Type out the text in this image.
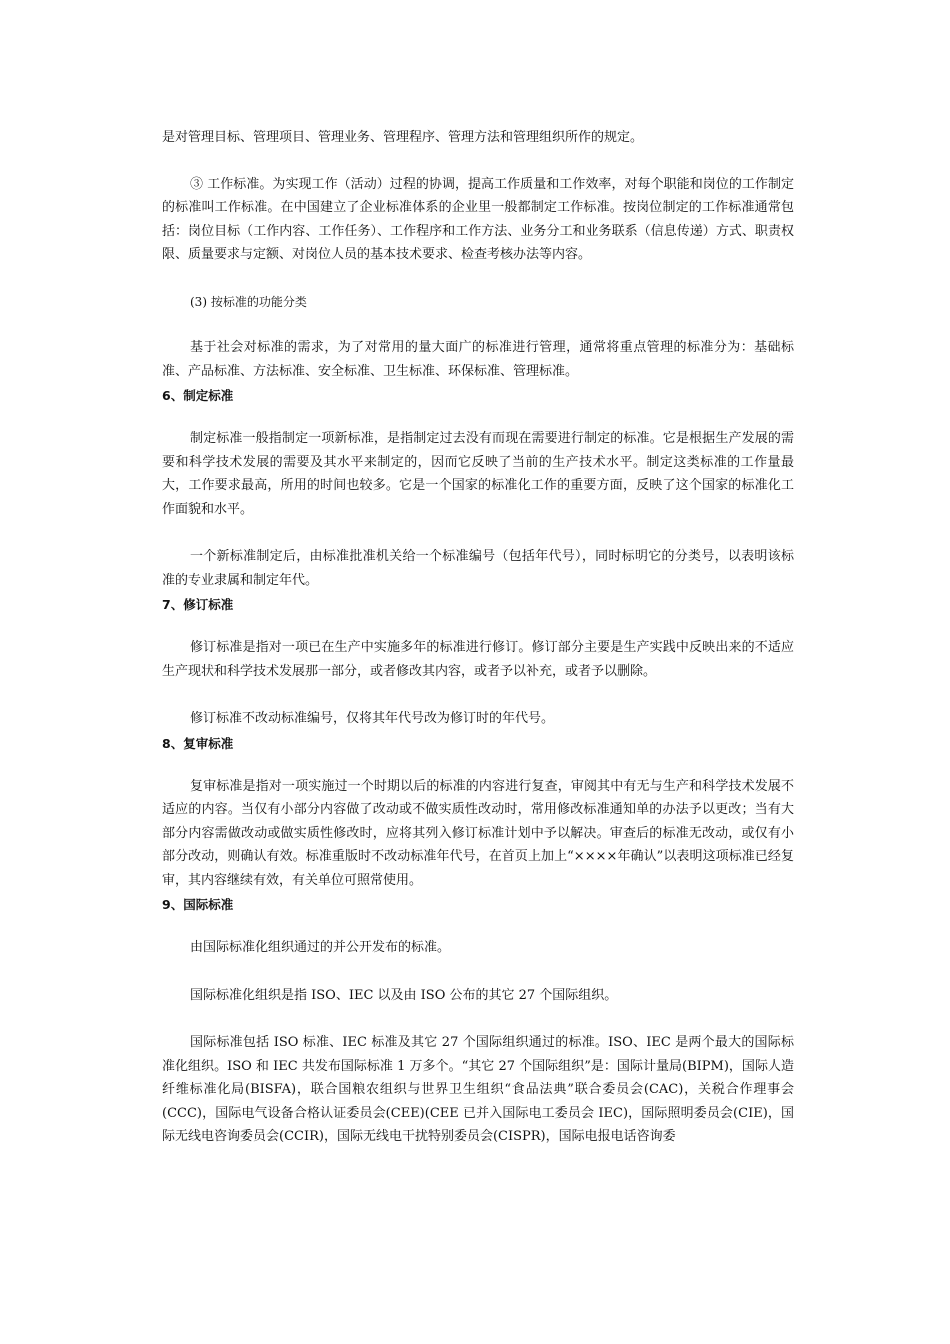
是对管理目标、管理项目、管理业务、管理程序、管理方法和管理组织所作的规定。

③ 工作标准。为实现工作（活动）过程的协调，提高工作质量和工作效率，对每个职能和岗位的工作制定的标准叫工作标准。在中国建立了企业标准体系的企业里一般都制定工作标准。按岗位制定的工作标准通常包括：岗位目标（工作内容、工作任务）、工作程序和工作方法、业务分工和业务联系（信息传递）方式、职责权限、质量要求与定额、对岗位人员的基本技术要求、检查考核办法等内容。

(3) 按标准的功能分类

基于社会对标准的需求，为了对常用的量大面广的标准进行管理，通常将重点管理的标准分为：基础标准、产品标准、方法标准、安全标准、卫生标准、环保标准、管理标准。

6、制定标准

制定标准一般指制定一项新标准，是指制定过去没有而现在需要进行制定的标准。它是根据生产发展的需要和科学技术发展的需要及其水平来制定的，因而它反映了当前的生产技术水平。制定这类标准的工作量最大，工作要求最高，所用的时间也较多。它是一个国家的标准化工作的重要方面，反映了这个国家的标准化工作面貌和水平。

一个新标准制定后，由标准批准机关给一个标准编号（包括年代号），同时标明它的分类号，以表明该标准的专业隶属和制定年代。

7、修订标准

修订标准是指对一项已在生产中实施多年的标准进行修订。修订部分主要是生产实践中反映出来的不适应生产现状和科学技术发展那一部分，或者修改其内容，或者予以补充，或者予以删除。

修订标准不改动标准编号，仅将其年代号改为修订时的年代号。

8、复审标准

复审标准是指对一项实施过一个时期以后的标准的内容进行复查，审阅其中有无与生产和科学技术发展不适应的内容。当仅有小部分内容做了改动或不做实质性改动时，常用修改标准通知单的办法予以更改；当有大部分内容需做改动或做实质性修改时，应将其列入修订标准计划中予以解决。审查后的标准无改动，或仅有小部分改动，则确认有效。标准重版时不改动标准年代号，在首页上加上“××××年确认”以表明这项标准已经复审，其内容继续有效，有关单位可照常使用。

9、国际标准

由国际标准化组织通过的并公开发布的标准。

国际标准化组织是指 ISO、IEC 以及由 ISO 公布的其它 27 个国际组织。

国际标准包括 ISO 标准、IEC 标准及其它 27 个国际组织通过的标准。ISO、IEC 是两个最大的国际标准化组织。ISO 和 IEC 共发布国际标准 1 万多个。“其它 27 个国际组织”是：国际计量局(BIPM)，国际人造纤维标准化局(BISFA)，联合国粮农组织与世界卫生组织“食品法典”联合委员会(CAC)，关税合作理事会(CCC)，国际电气设备合格认证委员会(CEE)(CEE 已并入国际电工委员会 IEC)，国际照明委员会(CIE)，国际无线电咨询委员会(CCIR)，国际无线电干扰特别委员会(CISPR)，国际电报电话咨询委
